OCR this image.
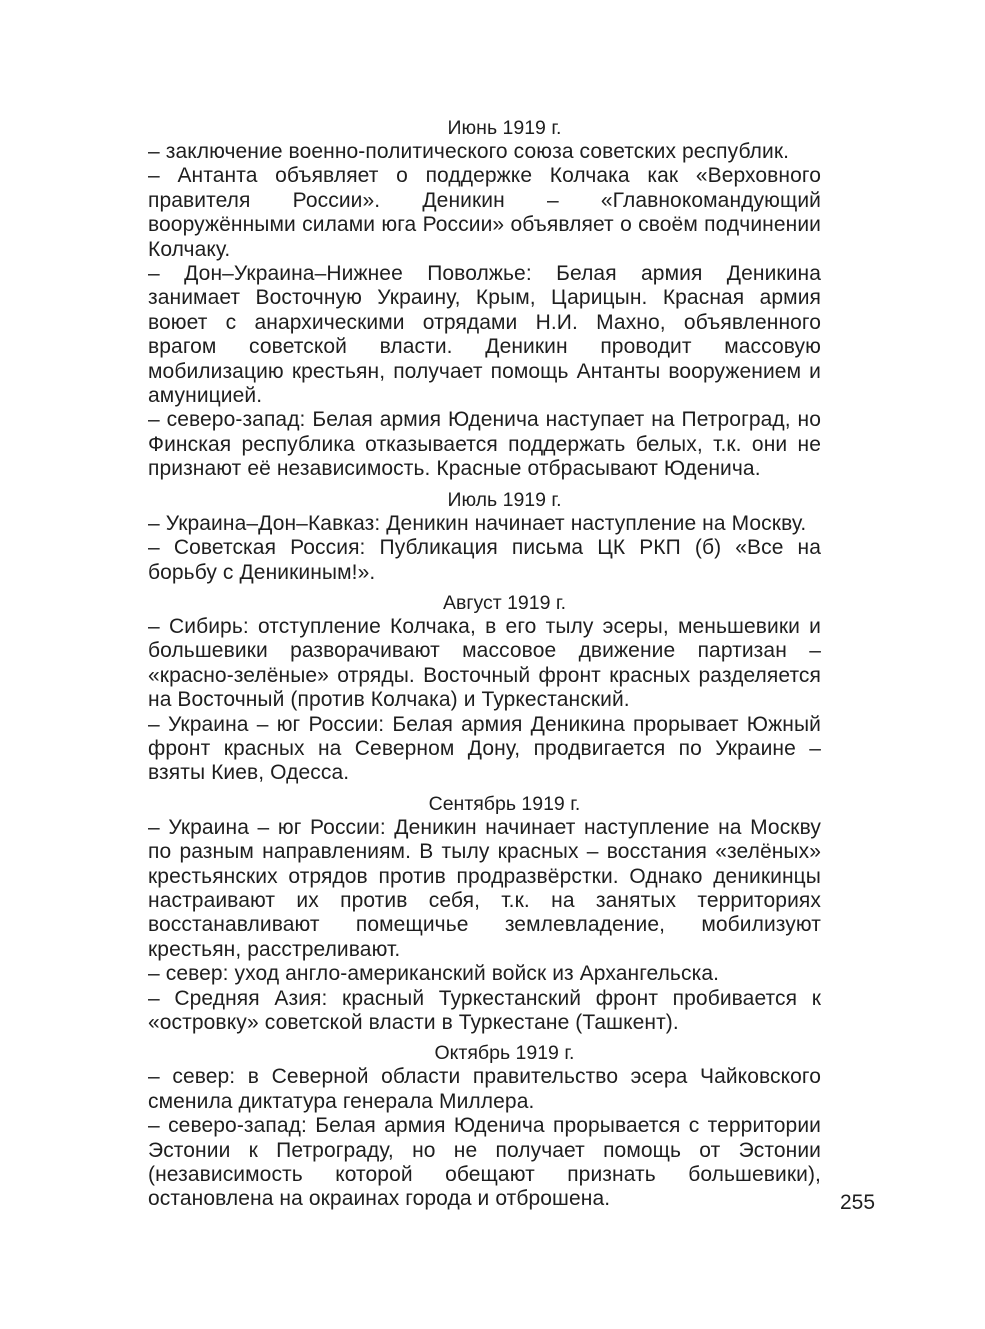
Июнь 1919 г.

– заключение военно-политического союза советских республик.

– Антанта объявляет о поддержке Колчака как «Верховного правителя России». Деникин – «Главнокомандующий вооружёнными силами юга России» объявляет о своём подчинении Колчаку.

– Дон–Украина–Нижнее Поволжье: Белая армия Деникина занимает Восточную Украину, Крым, Царицын. Красная армия воюет с анархическими отрядами Н.И. Махно, объявленного врагом советской власти. Деникин проводит массовую мобилизацию крестьян, получает помощь Антанты вооружением и амуницией.

– северо-запад: Белая армия Юденича наступает на Петроград, но Финская республика отказывается поддержать белых, т.к. они не признают её независимость. Красные отбрасывают Юденича.

Июль 1919 г.

– Украина–Дон–Кавказ: Деникин начинает наступление на Москву.

– Советская Россия: Публикация письма ЦК РКП (б) «Все на борьбу с Деникиным!».

Август 1919 г.

– Сибирь: отступление Колчака, в его тылу эсеры, меньшевики и большевики разворачивают массовое движение партизан – «красно-зелёные» отряды. Восточный фронт красных разделяется на Восточный (против Колчака) и Туркестанский.

– Украина – юг России: Белая армия Деникина прорывает Южный фронт красных на Северном Дону, продвигается по Украине – взяты Киев, Одесса.

Сентябрь 1919 г.

– Украина – юг России: Деникин начинает наступление на Москву по разным направлениям. В тылу красных – восстания «зелёных» крестьянских отрядов против продразвёрстки. Однако деникинцы настраивают их против себя, т.к. на занятых территориях восстанавливают помещичье землевладение, мобилизуют крестьян, расстреливают.

– север: уход англо-американский войск из Архангельска.

– Средняя Азия: красный Туркестанский фронт пробивается к «островку» советской власти в Туркестане (Ташкент).

Октябрь 1919 г.

– север: в Северной области правительство эсера Чайковского сменила диктатура генерала Миллера.

– северо-запад: Белая армия Юденича прорывается с территории Эстонии к Петрограду, но не получает помощь от Эстонии (независимость которой обещают признать большевики), остановлена на окраинах города и отброшена.	255
